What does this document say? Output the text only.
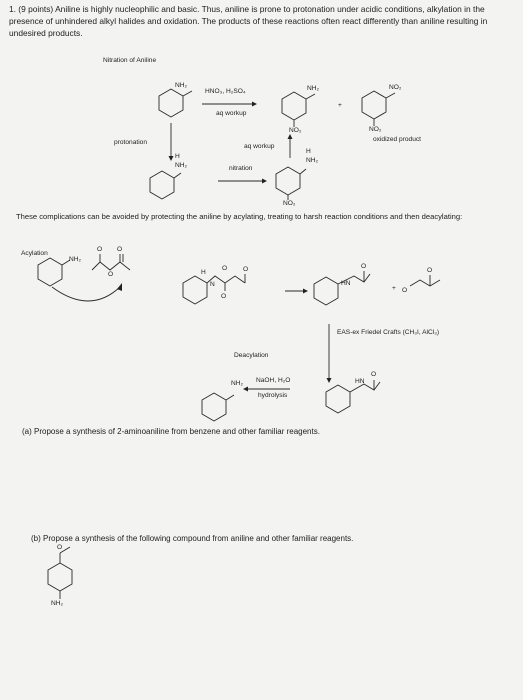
1. (9 points) Aniline is highly nucleophilic and basic. Thus, aniline is prone to protonation under acidic conditions, alkylation in the presence of unhindered alkyl halides and oxidation. The products of these reactions often react differently than aniline resulting in undesired products.
Nitration of Aniline
NH₂
HNO₃, H₂SO₄
aq workup
NH₂
NO₂
+
NO₂
NO₂
oxidized product
protonation
aq workup
H
NH₂
H
NH₂
nitration
NO₂
These complications can be avoided by protecting the aniline by acylating, treating to harsh reaction conditions and then deacylating:
Acylation
NH₂
O O
O	H
N
O O
O
HN
O
+ O
O
EAS-ex Friedel Crafts (CH₃I, AlCl₃)
Deacylation
NH₂ NaOH, H₂O
hydrolysis
HN
O
(a) Propose a synthesis of 2-aminoaniline from benzene and other familiar reagents.
(b) Propose a synthesis of the following compound from aniline and other familiar reagents.
O
NH₂
